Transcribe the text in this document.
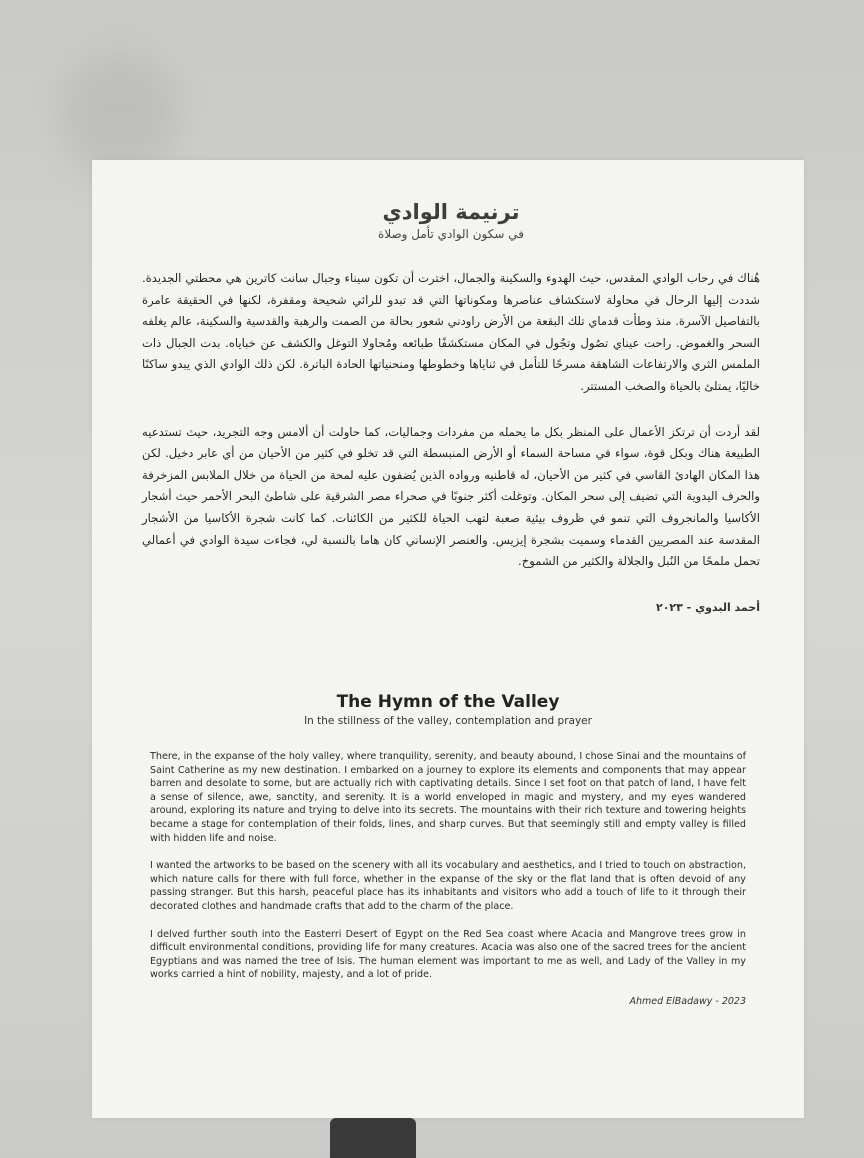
ترنيمة الوادي

في سكون الوادي تأمل وصلاة

هُناك في رحاب الوادي المقدس، حيث الهدوء والسكينة والجمال، اخترت أن تكون سيناء وجبال سانت كاترين هي محطتي الجديدة. شددت إليها الرحال في محاولة لاستكشاف عناصرها ومكوناتها التي قد تبدو للرائي شحيحة ومقفرة، لكنها في الحقيقة عامرة بالتفاصيل الآسرة. منذ وطأت قدماي تلك البقعة من الأرض راودني شعور بحالة من الصمت والرهبة والقدسية والسكينة، عالم يغلفه السحر والغموض. راحت عيناي تصُول وتجُول في المكان مستكشفًا طبائعه ومُحاولا التوغل والكشف عن خباياه. بدت الجبال ذات الملمس الثري والارتفاعات الشاهقة مسرحًا للتأمل في ثناياها وخطوطها ومنحنياتها الحادة الباترة. لكن ذلك الوادي الذي يبدو ساكنًا خاليًا، يمتلئ بالحياة والصخب المستتر.

لقد أردت أن ترتكز الأعمال على المنظر بكل ما يحمله من مفردات وجماليات، كما حاولت أن ألامس وجه التجريد، حيث تستدعيه الطبيعة هناك وبكل قوة، سواء في مساحة السماء أو الأرض المنبسطة التي قد تخلو في كثير من الأحيان من أي عابر دخيل. لكن هذا المكان الهادئ القاسي في كثير من الأحيان، له قاطنيه ورواده الذين يُضفون عليه لمحة من الحياة من خلال الملابس المزخرفة والحرف اليدوية التي تضيف إلى سحر المكان. وتوغلت أكثر جنوبًا في صحراء مصر الشرقية على شاطئ البحر الأحمر حيث أشجار الأكاسيا والمانجروف التي تنمو في ظروف بيئية صعبة لتهب الحياة للكثير من الكائنات. كما كانت شجرة الأكاسيا من الأشجار المقدسة عند المصريين القدماء وسميت بشجرة إيزيس. والعنصر الإنساني كان هاما بالنسبة لي، فجاءت سيدة الوادي في أعمالي تحمل ملمحًا من النُبل والجلالة والكثير من الشموخ.

أحمد البدوي - ٢٠٢٣
The Hymn of the Valley

In the stillness of the valley, contemplation and prayer

There, in the expanse of the holy valley, where tranquility, serenity, and beauty abound, I chose Sinai and the mountains of Saint Catherine as my new destination. I embarked on a journey to explore its elements and components that may appear barren and desolate to some, but are actually rich with captivating details. Since I set foot on that patch of land, I have felt a sense of silence, awe, sanctity, and serenity. It is a world enveloped in magic and mystery, and my eyes wandered around, exploring its nature and trying to delve into its secrets. The mountains with their rich texture and towering heights became a stage for contemplation of their folds, lines, and sharp curves. But that seemingly still and empty valley is filled with hidden life and noise.

I wanted the artworks to be based on the scenery with all its vocabulary and aesthetics, and I tried to touch on abstraction, which nature calls for there with full force, whether in the expanse of the sky or the flat land that is often devoid of any passing stranger. But this harsh, peaceful place has its inhabitants and visitors who add a touch of life to it through their decorated clothes and handmade crafts that add to the charm of the place.

I delved further south into the Easterri Desert of Egypt on the Red Sea coast where Acacia and Mangrove trees grow in difficult environmental conditions, providing life for many creatures. Acacia was also one of the sacred trees for the ancient Egyptians and was named the tree of Isis. The human element was important to me as well, and Lady of the Valley in my works carried a hint of nobility, majesty, and a lot of pride.

Ahmed ElBadawy - 2023
